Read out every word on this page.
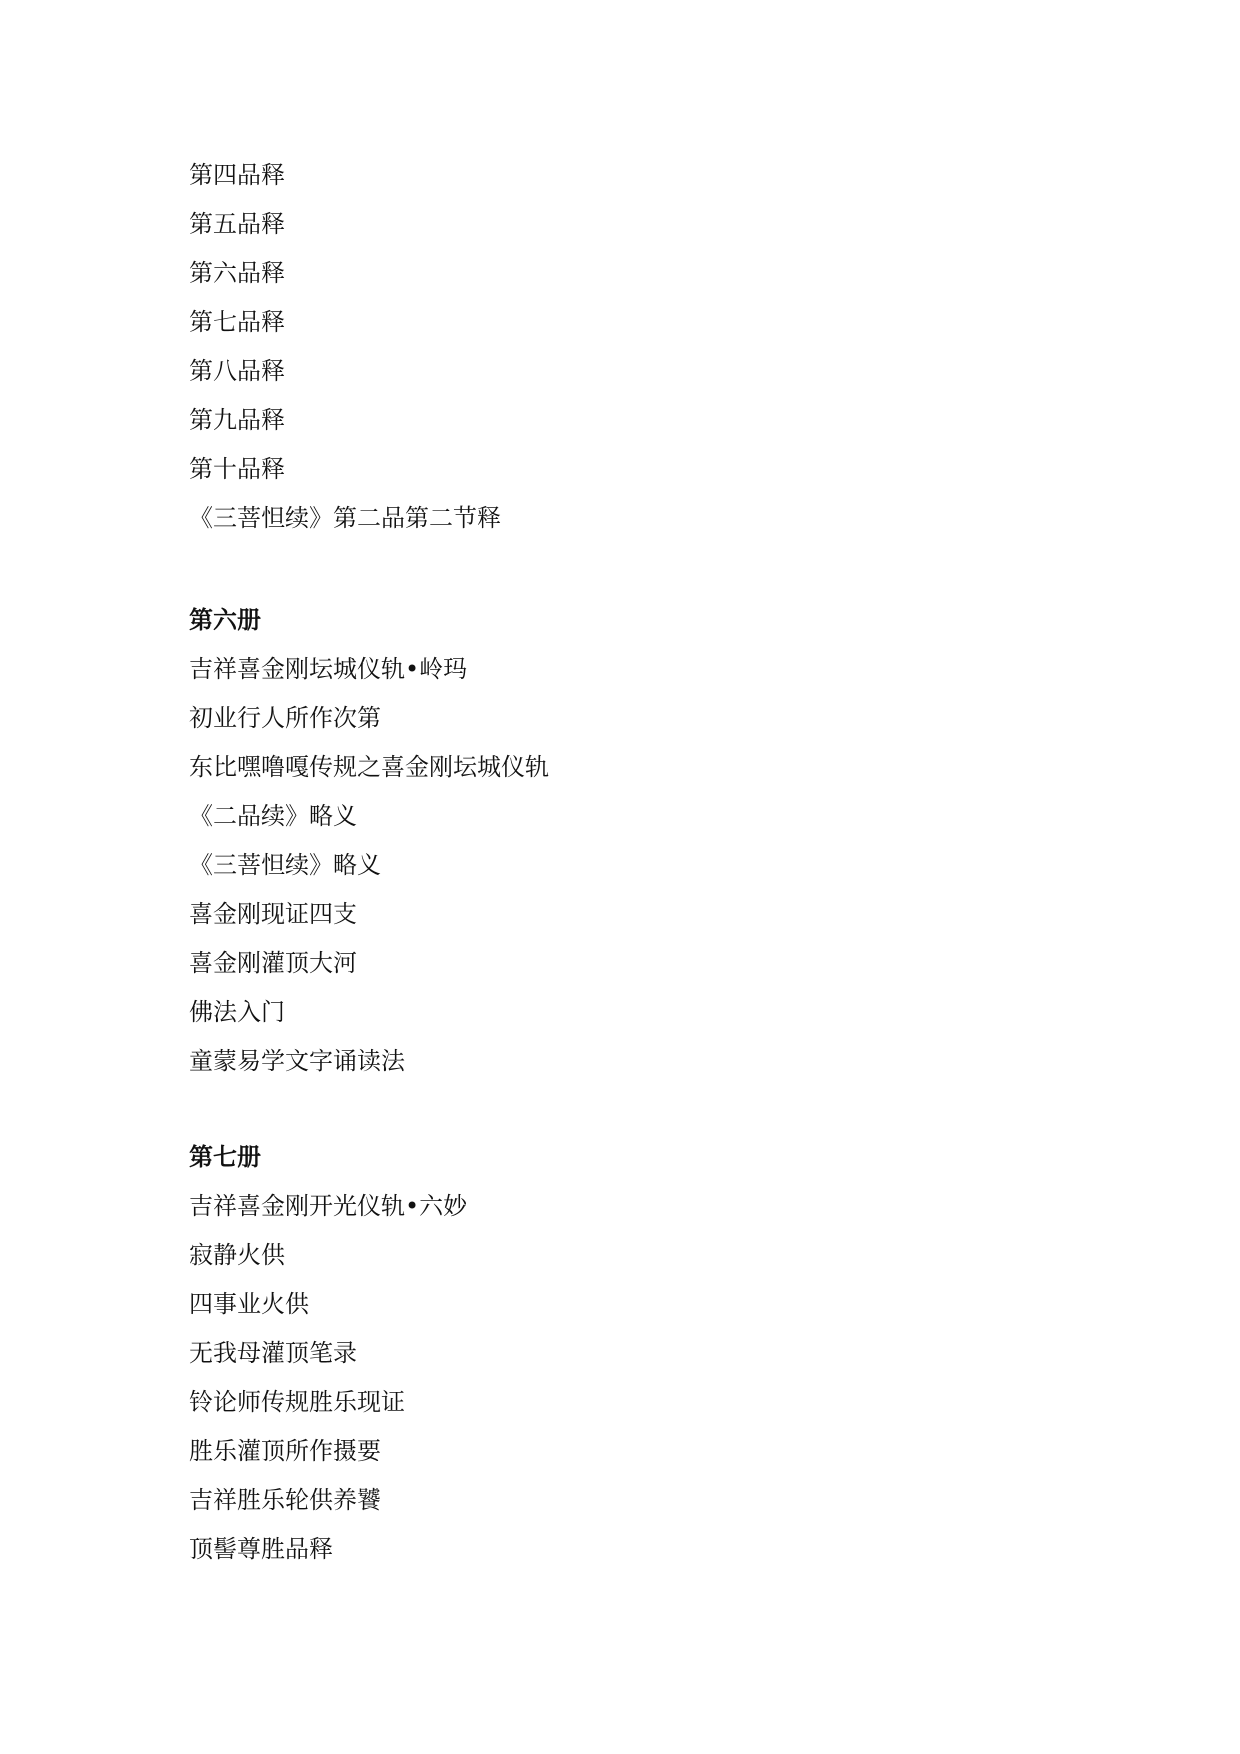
第四品释
第五品释
第六品释
第七品释
第八品释
第九品释
第十品释
《三菩怛续》第二品第二节释
第六册
吉祥喜金刚坛城仪轨•岭玛
初业行人所作次第
东比嘿噜嘎传规之喜金刚坛城仪轨
《二品续》略义
《三菩怛续》略义
喜金刚现证四支
喜金刚灌顶大河
佛法入门
童蒙易学文字诵读法
第七册
吉祥喜金刚开光仪轨•六妙
寂静火供
四事业火供
无我母灌顶笔录
铃论师传规胜乐现证
胜乐灌顶所作摄要
吉祥胜乐轮供养饕
顶髻尊胜品释
